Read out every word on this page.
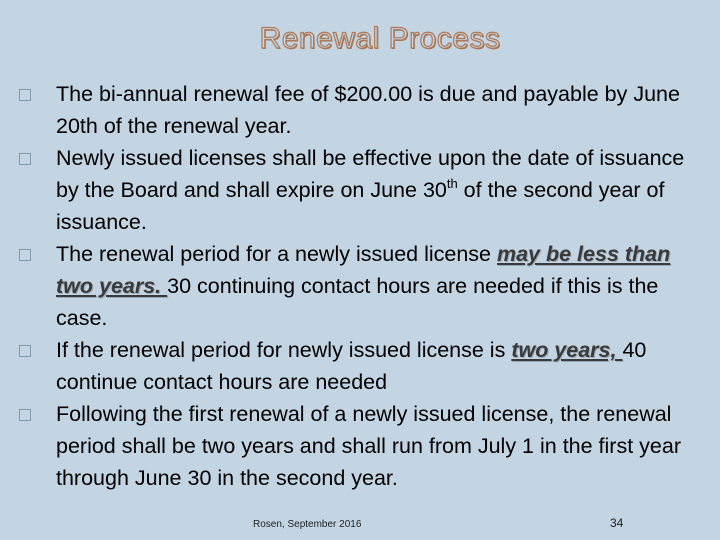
Renewal Process
The bi-annual renewal fee of $200.00 is due and payable by June 20th of the renewal year.
Newly issued licenses shall be effective upon the date of issuance by the Board and shall expire on June 30th of the second year of issuance.
The renewal period for a newly issued license may be less than two years. 30 continuing contact hours are needed if this is the case.
If the renewal period for newly issued license is two years, 40 continue contact hours are needed
Following the first renewal of a newly issued license, the renewal period shall be two years and shall run from July 1 in the first year through June 30 in the second year.
Rosen, September 2016	34
